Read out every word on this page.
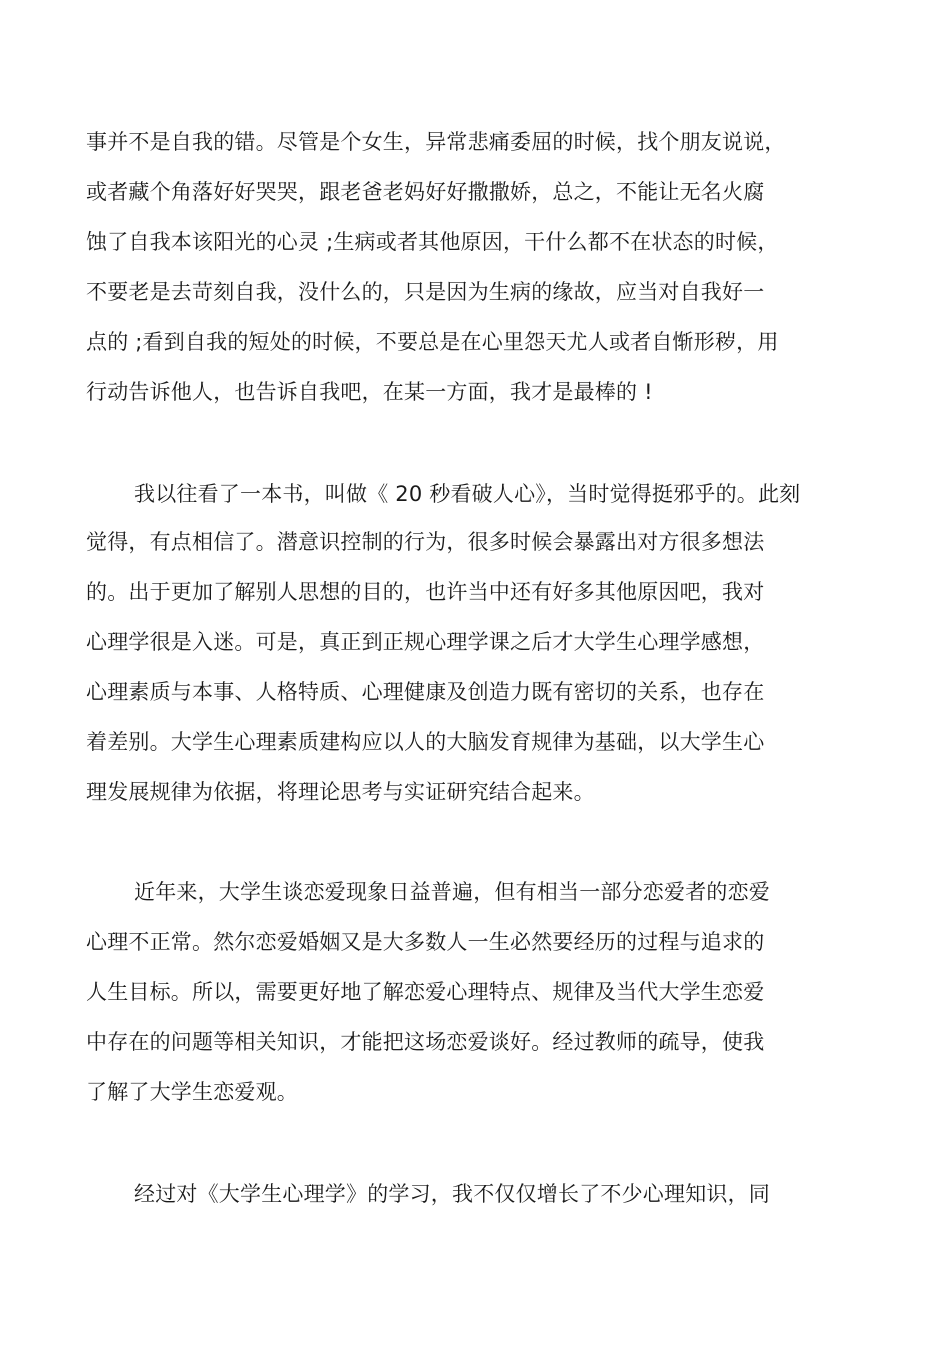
事并不是自我的错。尽管是个女生，异常悲痛委屈的时候，找个朋友说说，
或者藏个角落好好哭哭，跟老爸老妈好好撒撒娇，总之，不能让无名火腐
蚀了自我本该阳光的心灵 ;生病或者其他原因，干什么都不在状态的时候，
不要老是去苛刻自我，没什么的，只是因为生病的缘故，应当对自我好一
点的 ;看到自我的短处的时候，不要总是在心里怨天尤人或者自惭形秽，用
行动告诉他人，也告诉自我吧，在某一方面，我才是最棒的 !
我以往看了一本书，叫做《 20 秒看破人心》，当时觉得挺邪乎的。此刻
觉得，有点相信了。潜意识控制的行为，很多时候会暴露出对方很多想法
的。出于更加了解别人思想的目的，也许当中还有好多其他原因吧，我对
心理学很是入迷。可是，真正到正规心理学课之后才大学生心理学感想，
心理素质与本事、人格特质、心理健康及创造力既有密切的关系，也存在
着差别。大学生心理素质建构应以人的大脑发育规律为基础，以大学生心
理发展规律为依据，将理论思考与实证研究结合起来。
近年来，大学生谈恋爱现象日益普遍，但有相当一部分恋爱者的恋爱
心理不正常。然尔恋爱婚姻又是大多数人一生必然要经历的过程与追求的
人生目标。所以，需要更好地了解恋爱心理特点、规律及当代大学生恋爱
中存在的问题等相关知识，才能把这场恋爱谈好。经过教师的疏导，使我
了解了大学生恋爱观。
经过对《大学生心理学》的学习，我不仅仅增长了不少心理知识，同
